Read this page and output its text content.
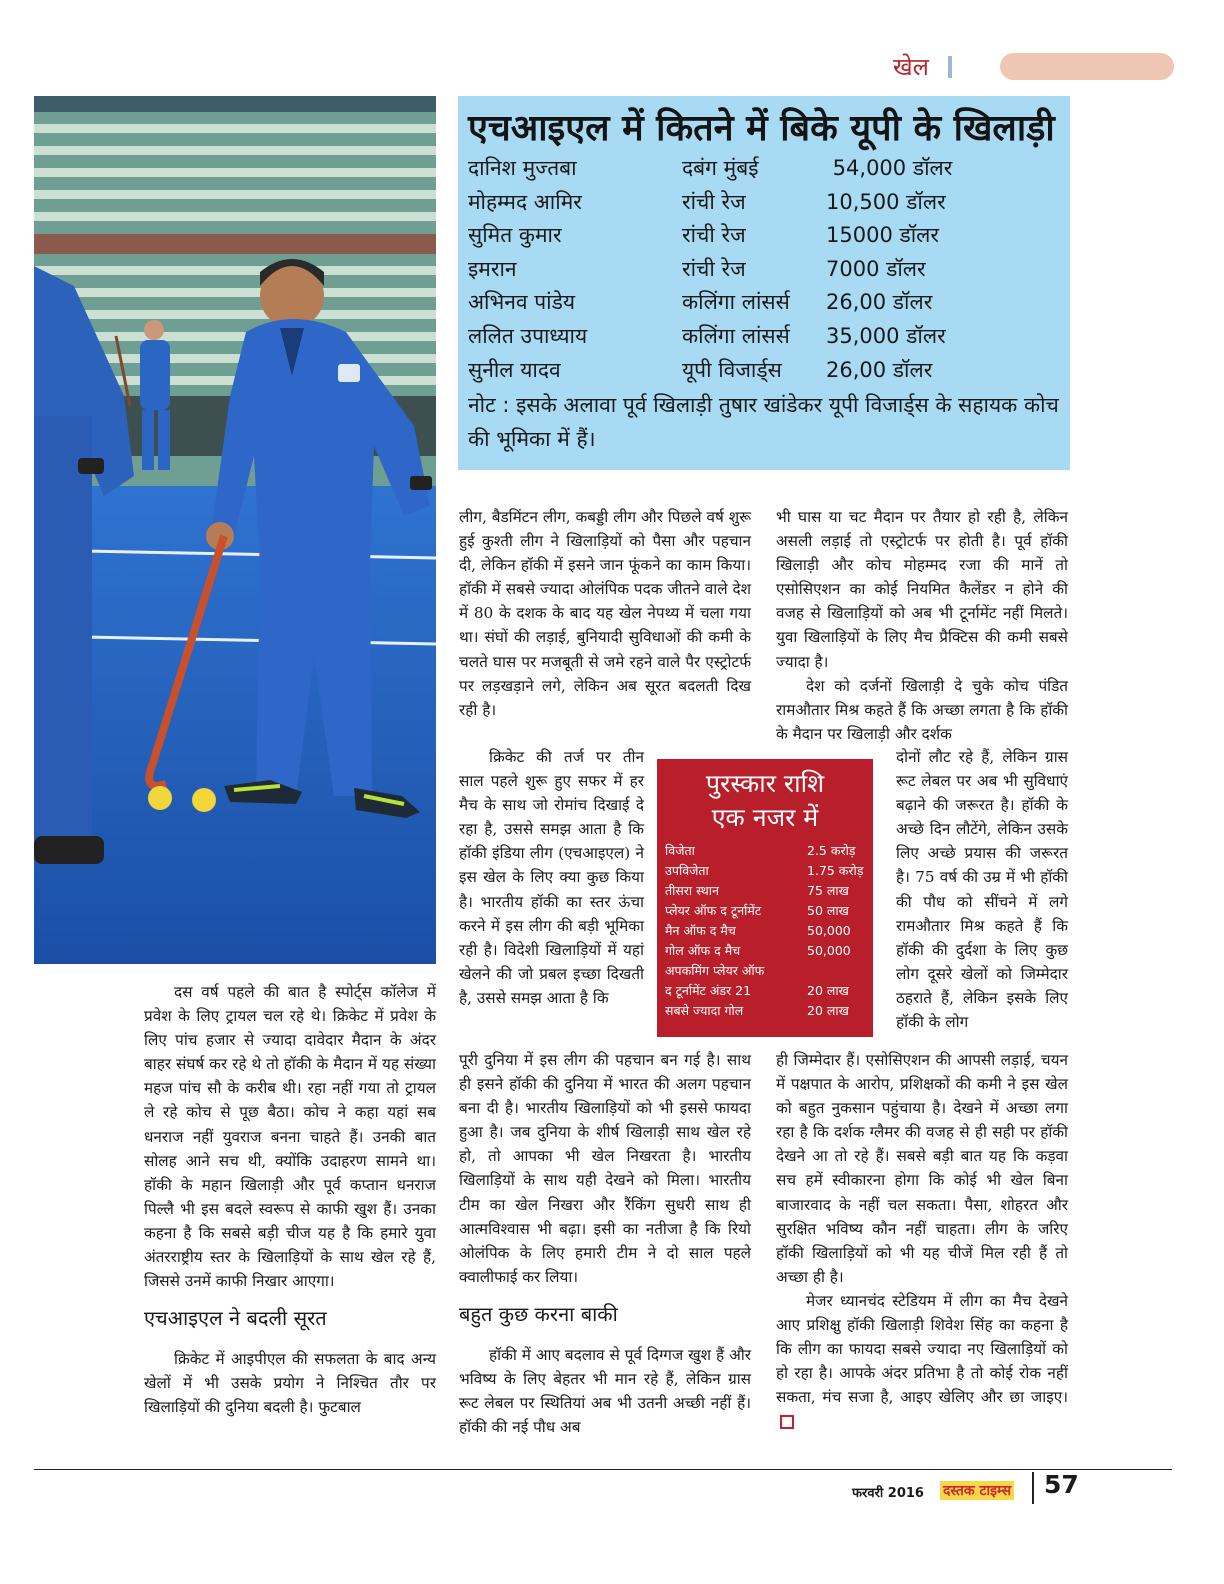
खेल
एचआइएल में कितने में बिके यूपी के खिलाड़ी
दानिश मुज्तबा	दबंग मुंबई	54,000 डॉलर
मोहम्मद आमिर	रांची रेज	10,500 डॉलर
सुमित कुमार	रांची रेज	15000 डॉलर
इमरान	रांची रेज	7000 डॉलर
अभिनव पांडेय	कलिंगा लांसर्स	26,00 डॉलर
ललित उपाध्याय	कलिंगा लांसर्स	35,000 डॉलर
सुनील यादव	यूपी विजार्ड्स	26,00 डॉलर
नोट : इसके अलावा पूर्व खिलाड़ी तुषार खांडेकर यूपी विजार्ड्स के सहायक कोच की भूमिका में हैं।

दस वर्ष पहले की बात है स्पोर्ट्स कॉलेज में प्रवेश के लिए ट्रायल चल रहे थे। क्रिकेट में प्रवेश के लिए पांच हजार से ज्यादा दावेदार मैदान के अंदर बाहर संघर्ष कर रहे थे तो हॉकी के मैदान में यह संख्या महज पांच सौ के करीब थी। रहा नहीं गया तो ट्रायल ले रहे कोच से पूछ बैठा। कोच ने कहा यहां सब धनराज नहीं युवराज बनना चाहते हैं। उनकी बात सोलह आने सच थी, क्योंकि उदाहरण सामने था। हॉकी के महान खिलाड़ी और पूर्व कप्तान धनराज पिल्लै भी इस बदले स्वरूप से काफी खुश हैं। उनका कहना है कि सबसे बड़ी चीज यह है कि हमारे युवा अंतरराष्ट्रीय स्तर के खिलाड़ियों के साथ खेल रहे हैं, जिससे उनमें काफी निखार आएगा।

एचआइएल ने बदली सूरत

क्रिकेट में आइपीएल की सफलता के बाद अन्य खेलों में भी उसके प्रयोग ने निश्चित तौर पर खिलाड़ियों की दुनिया बदली है। फुटबाल

लीग, बैडमिंटन लीग, कबड्डी लीग और पिछले वर्ष शुरू हुई कुश्ती लीग ने खिलाड़ियों को पैसा और पहचान दी, लेकिन हॉकी में इसने जान फूंकने का काम किया। हॉकी में सबसे ज्यादा ओलंपिक पदक जीतने वाले देश में 80 के दशक के बाद यह खेल नेपथ्य में चला गया था। संघों की लड़ाई, बुनियादी सुविधाओं की कमी के चलते घास पर मजबूती से जमे रहने वाले पैर एस्ट्रोटर्फ पर लड़खड़ाने लगे, लेकिन अब सूरत बदलती दिख रही है।

क्रिकेट की तर्ज पर तीन साल पहले शुरू हुए सफर में हर मैच के साथ जो रोमांच दिखाई दे रहा है, उससे समझ आता है कि हॉकी इंडिया लीग (एचआइएल) ने इस खेल के लिए क्या कुछ किया है। भारतीय हॉकी का स्तर ऊंचा करने में इस लीग की बड़ी भूमिका रही है। विदेशी खिलाड़ियों में यहां खेलने की जो प्रबल इच्छा दिखती है, उससे समझ आता है कि

पूरी दुनिया में इस लीग की पहचान बन गई है। साथ ही इसने हॉकी की दुनिया में भारत की अलग पहचान बना दी है। भारतीय खिलाड़ियों को भी इससे फायदा हुआ है। जब दुनिया के शीर्ष खिलाड़ी साथ खेल रहे हो, तो आपका भी खेल निखरता है। भारतीय खिलाड़ियों के साथ यही देखने को मिला। भारतीय टीम का खेल निखरा और रैंकिंग सुधरी साथ ही आत्मविश्वास भी बढ़ा। इसी का नतीजा है कि रियो ओलंपिक के लिए हमारी टीम ने दो साल पहले क्वालीफाई कर लिया।

बहुत कुछ करना बाकी

हॉकी में आए बदलाव से पूर्व दिग्गज खुश हैं और भविष्य के लिए बेहतर भी मान रहे हैं, लेकिन ग्रास रूट लेबल पर स्थितियां अब भी उतनी अच्छी नहीं हैं। हॉकी की नई पौध अब

भी घास या चट मैदान पर तैयार हो रही है, लेकिन असली लड़ाई तो एस्ट्रोटर्फ पर होती है। पूर्व हॉकी खिलाड़ी और कोच मोहम्मद रजा की मानें तो एसोसिएशन का कोई नियमित कैलेंडर न होने की वजह से खिलाड़ियों को अब भी टूर्नामेंट नहीं मिलते। युवा खिलाड़ियों के लिए मैच प्रैक्टिस की कमी सबसे ज्यादा है।

देश को दर्जनों खिलाड़ी दे चुके कोच पंडित रामऔतार मिश्र कहते हैं कि अच्छा लगता है कि हॉकी के मैदान पर खिलाड़ी और दर्शक

दोनों लौट रहे हैं, लेकिन ग्रास रूट लेबल पर अब भी सुविधाएं बढ़ाने की जरूरत है। हॉकी के अच्छे दिन लौटेंगे, लेकिन उसके लिए अच्छे प्रयास की जरूरत है। 75 वर्ष की उम्र में भी हॉकी की पौध को सींचने में लगे रामऔतार मिश्र कहते हैं कि हॉकी की दुर्दशा के लिए कुछ लोग दूसरे खेलों को जिम्मेदार ठहराते हैं, लेकिन इसके लिए हॉकी के लोग

ही जिम्मेदार हैं। एसोसिएशन की आपसी लड़ाई, चयन में पक्षपात के आरोप, प्रशिक्षकों की कमी ने इस खेल को बहुत नुकसान पहुंचाया है। देखने में अच्छा लगा रहा है कि दर्शक ग्लैमर की वजह से ही सही पर हॉकी देखने आ तो रहे हैं। सबसे बड़ी बात यह कि कड़वा सच हमें स्वीकारना होगा कि कोई भी खेल बिना बाजारवाद के नहीं चल सकता। पैसा, शोहरत और सुरक्षित भविष्य कौन नहीं चाहता। लीग के जरिए हॉकी खिलाड़ियों को भी यह चीजें मिल रही हैं तो अच्छा ही है।

मेजर ध्यानचंद स्टेडियम में लीग का मैच देखने आए प्रशिक्षु हॉकी खिलाड़ी शिवेश सिंह का कहना है कि लीग का फायदा सबसे ज्यादा नए खिलाड़ियों को हो रहा है। आपके अंदर प्रतिभा है तो कोई रोक नहीं सकता, मंच सजा है, आइए खेलिए और छा जाइए।

पुरस्कार राशि
एक नजर में
विजेता	2.5 करोड़
उपविजेता	1.75 करोड़
तीसरा स्थान	75 लाख
प्लेयर ऑफ द टूर्नामेंट	50 लाख
मैन ऑफ द मैच	50,000
गोल ऑफ द मैच	50,000
अपकमिंग प्लेयर ऑफ
द टूर्नामेंट अंडर 21	20 लाख
सबसे ज्यादा गोल	20 लाख
फरवरी 2016 दस्तक टाइम्स 57
